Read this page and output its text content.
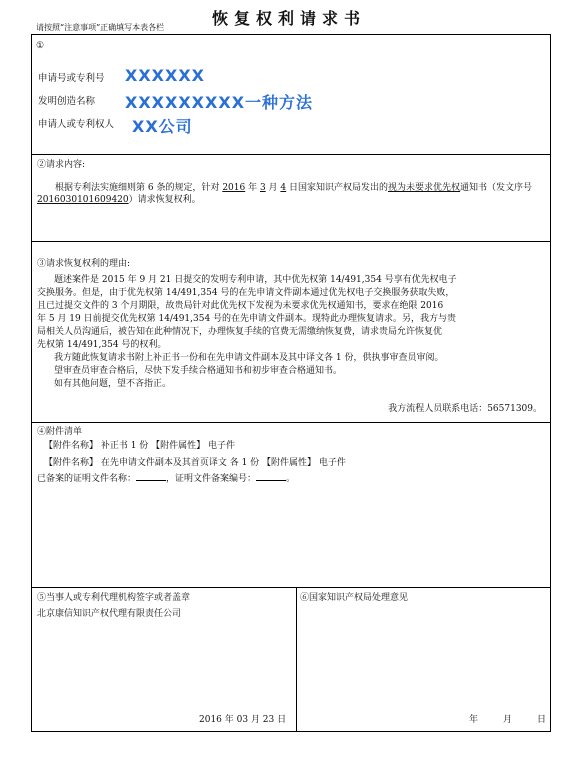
恢复权利请求书
请按照“注意事项”正确填写本表各栏
①
申请号或专利号 XXXXXX
发明创造名称 XXXXXXXXX一种方法
申请人或专利权人 XX公司
②请求内容:
根据专利法实施细则第 6 条的规定，针对 2016 年 3 月 4 日国家知识产权局发出的视为未要求优先权通知书（发文序号 2016030101609420）请求恢复权利。
③请求恢复权利的理由:
题述案件是 2015 年 9 月 21 日提交的发明专利申请，其中优先权第 14/491,354 号享有优先权电子
交换服务。但是，由于优先权第 14/491,354 号的在先申请文件副本通过优先权电子交换服务获取失败，
且已过提交文件的 3 个月期限，故贵局针对此优先权下发视为未要求优先权通知书，要求在绝限 2016
年 5 月 19 日前提交优先权第 14/491,354 号的在先申请文件副本。现特此办理恢复请求。另，我方与贵
局相关人员沟通后，被告知在此种情况下，办理恢复手续的官费无需缴纳恢复费，请求贵局允许恢复优
先权第 14/491,354 号的权利。
我方随此恢复请求书附上补正书一份和在先申请文件副本及其中译文各 1 份，供执事审查员审阅。
望审查员审查合格后，尽快下发手续合格通知书和初步审查合格通知书。
如有其他问题，望不吝指正。
我方流程人员联系电话：56571309。
④附件清单
【附件名称】 补正书 1 份 【附件属性】 电子件
【附件名称】 在先申请文件副本及其首页译文 各 1 份 【附件属性】 电子件
已备案的证明文件名称：	，证明文件备案编号：	。
⑤当事人或专利代理机构签字或者盖章
北京康信知识产权代理有限责任公司
2016 年 03 月 23 日
⑥国家知识产权局处理意见
年	月	日
